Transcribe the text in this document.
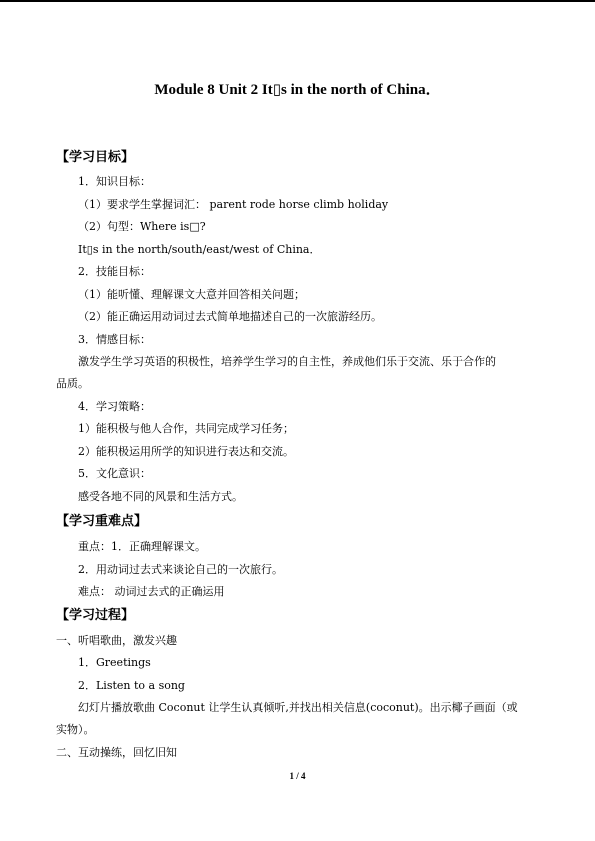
Module 8 Unit 2 It▯s in the north of China．
【学习目标】
1．知识目标：
（1）要求学生掌握词汇： parent rode horse climb holiday
（2）句型：Where is□?
It▯s in the north/south/east/west of China．
2．技能目标：
（1）能听懂、理解课文大意并回答相关问题；
（2）能正确运用动词过去式简单地描述自己的一次旅游经历。
3．情感目标：
激发学生学习英语的积极性，培养学生学习的自主性，养成他们乐于交流、乐于合作的
品质。
4．学习策略：
1）能积极与他人合作，共同完成学习任务；
2）能积极运用所学的知识进行表达和交流。
5．文化意识：
感受各地不同的风景和生活方式。
【学习重难点】
重点：1．正确理解课文。
2．用动词过去式来谈论自己的一次旅行。
难点： 动词过去式的正确运用
【学习过程】
一、听唱歌曲，激发兴趣
1．Greetings
2．Listen to a song
幻灯片播放歌曲 Coconut 让学生认真倾听,并找出相关信息(coconut)。出示椰子画面（或
实物）。
二、互动操练，回忆旧知
1 / 4
